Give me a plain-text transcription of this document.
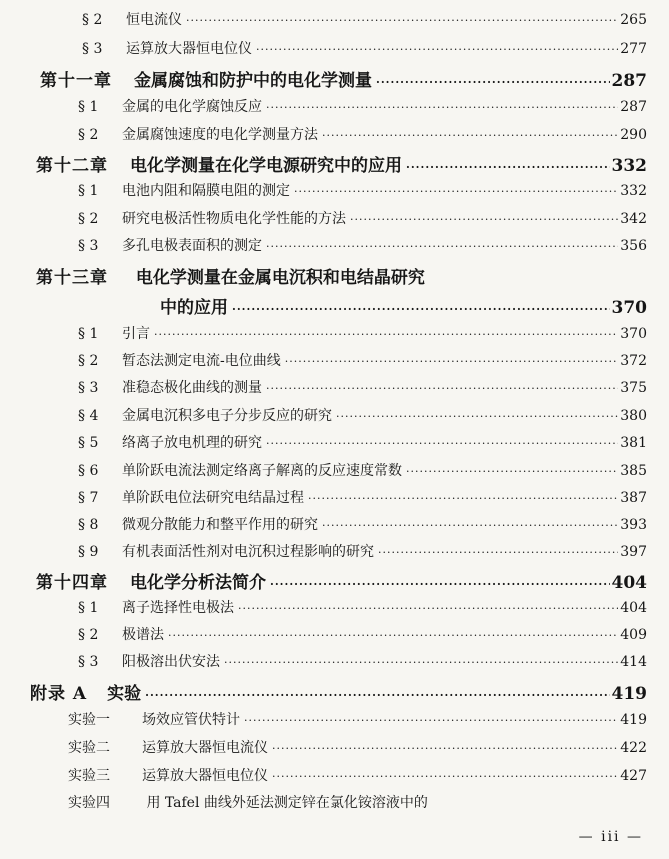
§ 2	恒电流仪 ·····	265
§ 3	运算放大器恒电位仪 ·····	277
第十一章 金属腐蚀和防护中的电化学测量 ·····	287
§ 1	金属的电化学腐蚀反应 ·····	287
§ 2	金属腐蚀速度的电化学测量方法 ·····	290
第十二章 电化学测量在化学电源研究中的应用 ·····	332
§ 1	电池内阻和隔膜电阻的测定 ·····	332
§ 2	研究电极活性物质电化学性能的方法 ·····	342
§ 3	多孔电极表面积的测定 ·····	356
第十三章 电化学测量在金属电沉积和电结晶研究
中的应用 ·····	370
§ 1	引言 ·····	370
§ 2	暂态法测定电流-电位曲线 ·····	372
§ 3	准稳态极化曲线的测量 ·····	375
§ 4	金属电沉积多电子分步反应的研究 ·····	380
§ 5	络离子放电机理的研究 ·····	381
§ 6	单阶跃电流法测定络离子解离的反应速度常数 ·····	385
§ 7	单阶跃电位法研究电结晶过程 ·····	387
§ 8	微观分散能力和整平作用的研究 ·····	393
§ 9	有机表面活性剂对电沉积过程影响的研究 ·····	397
第十四章 电化学分析法简介 ·····	404
§ 1	离子选择性电极法 ·····	404
§ 2	极谱法 ·····	409
§ 3	阳极溶出伏安法 ·····	414
附录 A 实验 ·····	419
实验一	场效应管伏特计 ·····	419
实验二	运算放大器恒电流仪 ·····	422
实验三	运算放大器恒电位仪 ·····	427
实验四	用 Tafel 曲线外延法测定锌在氯化铵溶液中的
— iii —
